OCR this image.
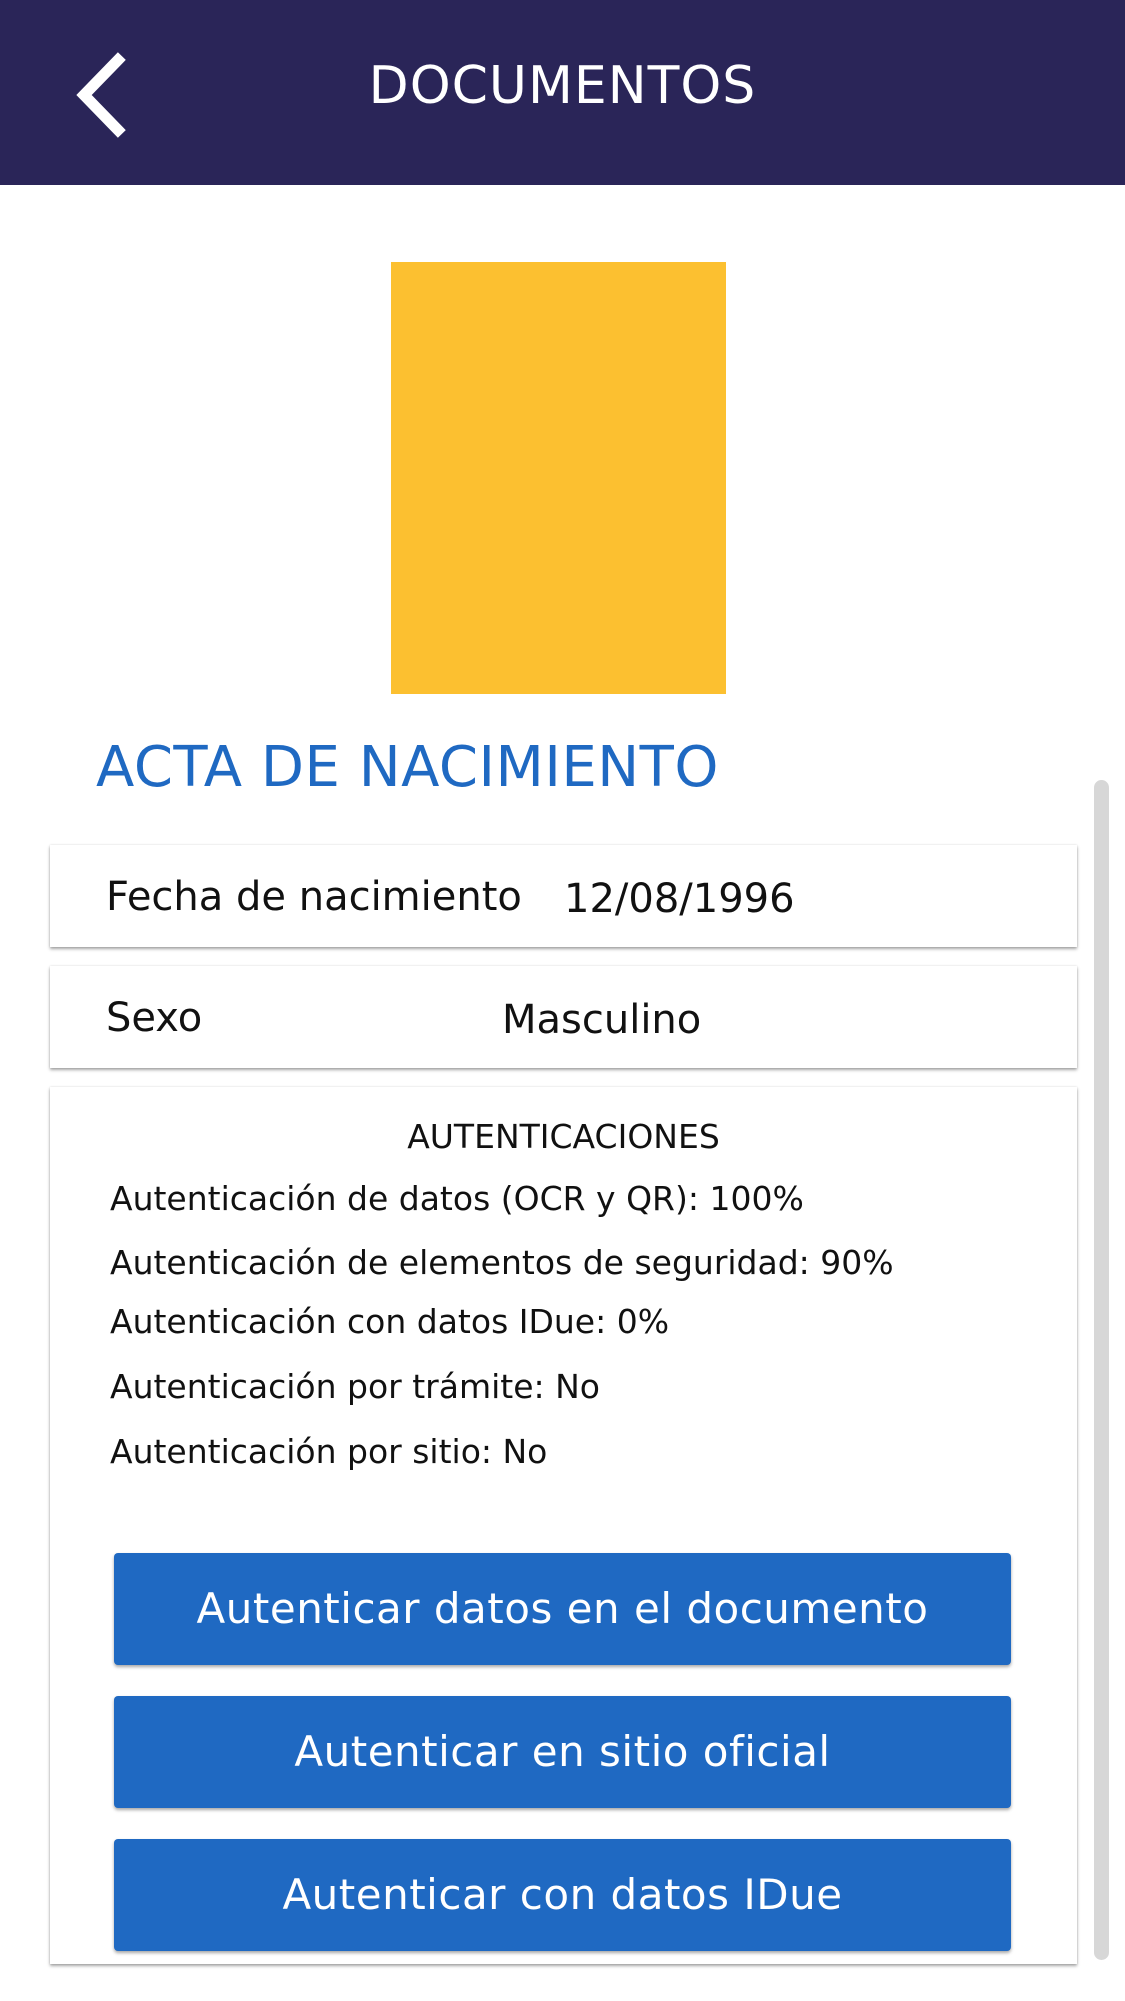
DOCUMENTOS
ACTA DE NACIMIENTO
Fecha de nacimiento 12/08/1996
Sexo	Masculino
AUTENTICACIONES
Autenticación de datos (OCR y QR): 100%
Autenticación de elementos de seguridad: 90%
Autenticación con datos IDue: 0%
Autenticación por trámite: No
Autenticación por sitio: No
Autenticar datos en el documento
Autenticar en sitio oficial
Autenticar con datos IDue
